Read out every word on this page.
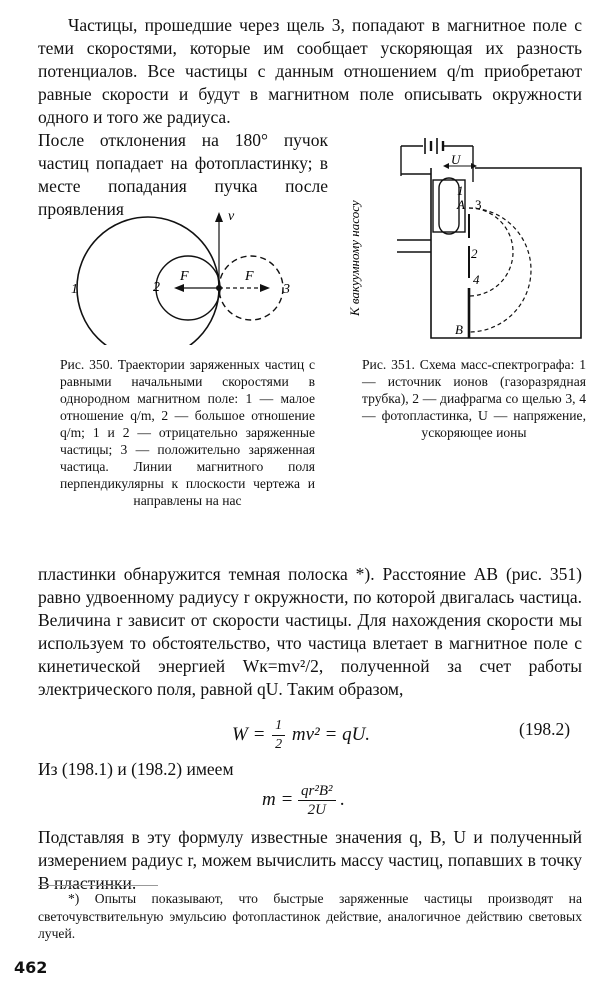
Частицы, прошедшие через щель 3, попадают в магнитное поле с теми скоростями, которые им сообщает ускоряющая их разность потенциалов. Все частицы с данным отношением q/m приобретают равные скорости и будут в магнитном поле описывать окружности одного и того же радиуса.
После отклонения на 180° пучок частиц попадает на фотопластинку; в месте попадания пучка после проявления	v
F	F
1	2	3
Рис. 350. Траектории заряженных частиц с равными начальными скоростями в однородном магнитном поле: 1 — малое отношение q/m, 2 — большое отношение q/m; 1 и 2 — отрицательно заряженные частицы; 3 — положительно заряженная частица. Линии магнитного поля перпендикулярны к плоскости чертежа и направлены на нас
U
1
A 3
2
4
B
К вакуумному насосу
Рис. 351. Схема масс-спектрографа: 1 — источник ионов (газоразрядная трубка), 2 — диафрагма со щелью 3, 4 — фотопластинка, U — напряжение, ускоряющее ионы
пластинки обнаружится темная полоска *). Расстояние AB (рис. 351) равно удвоенному радиусу r окружности, по которой двигалась частица. Величина r зависит от скорости частицы. Для нахождения скорости мы используем то обстоятельство, что частица влетает в магнитное поле с кинетической энергией Wк=mv²/2, полученной за счет работы электрического поля, равной qU. Таким образом,
$W = \frac{1}{2} mv^2$ = qU.	(198.2)
Из (198.1) и (198.2) имеем
$m = \frac{\text{qr²B²}}{2U}$ .
Подставляя в эту формулу известные значения q, B, U и полученный измерением радиус r, можем вычислить массу частиц, попавших в точку B пластинки.
*) Опыты показывают, что быстрые заряженные частицы производят на светочувствительную эмульсию фотопластинок действие, аналогичное действию световых лучей.
462
